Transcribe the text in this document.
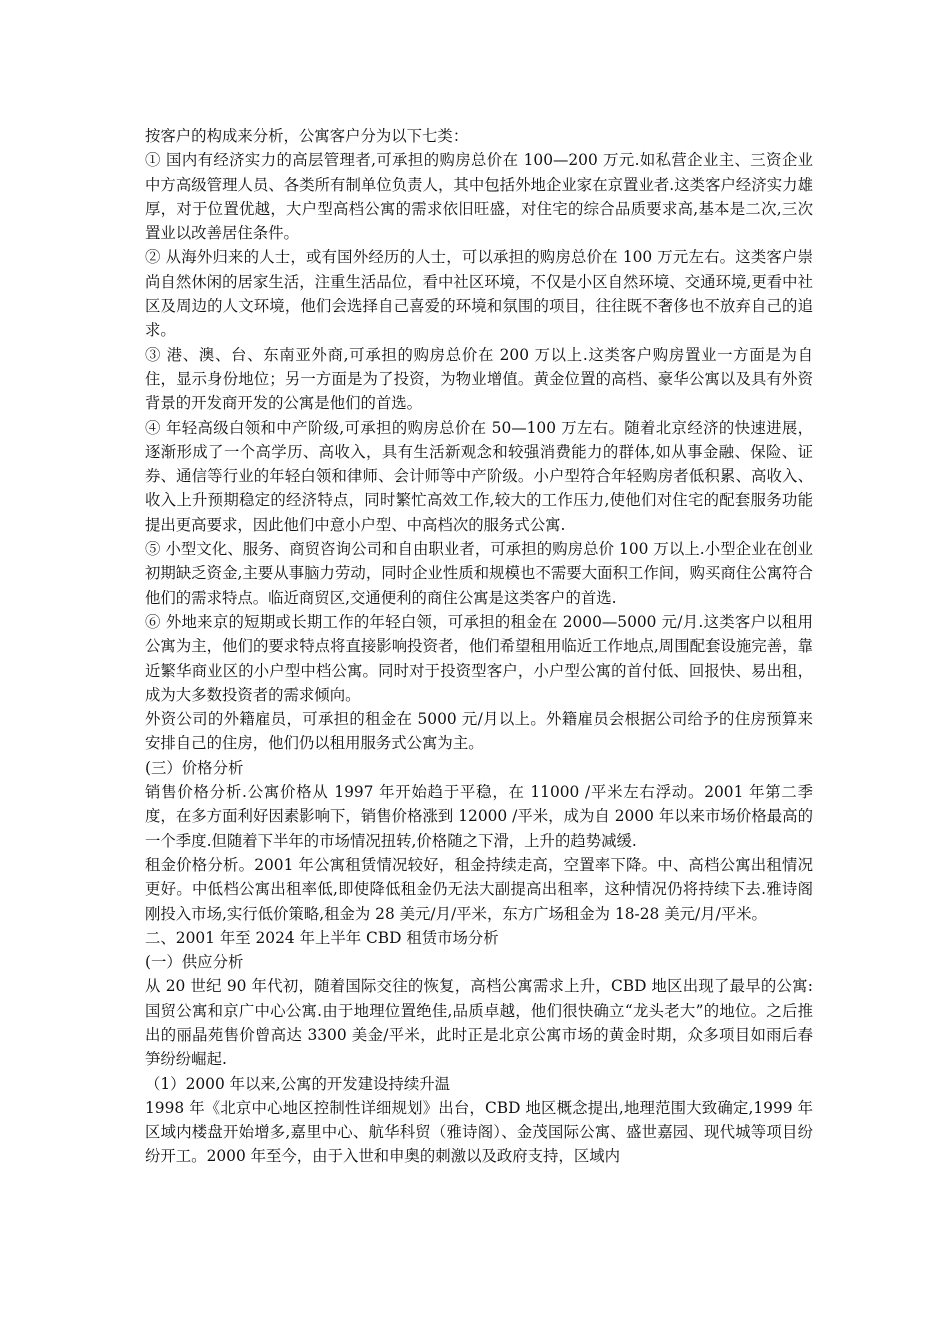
按客户的构成来分析，公寓客户分为以下七类：

① 国内有经济实力的高层管理者,可承担的购房总价在 100—200 万元.如私营企业主、三资企业中方高级管理人员、各类所有制单位负责人，其中包括外地企业家在京置业者.这类客户经济实力雄厚，对于位置优越，大户型高档公寓的需求依旧旺盛，对住宅的综合品质要求高,基本是二次,三次置业以改善居住条件。

② 从海外归来的人士，或有国外经历的人士，可以承担的购房总价在 100 万元左右。这类客户崇尚自然休闲的居家生活，注重生活品位，看中社区环境，不仅是小区自然环境、交通环境,更看中社区及周边的人文环境，他们会选择自己喜爱的环境和氛围的项目，往往既不奢侈也不放弃自己的追求。

③ 港、澳、台、东南亚外商,可承担的购房总价在 200 万以上.这类客户购房置业一方面是为自住，显示身份地位；另一方面是为了投资，为物业增值。黄金位置的高档、豪华公寓以及具有外资背景的开发商开发的公寓是他们的首选。

④ 年轻高级白领和中产阶级,可承担的购房总价在 50—100 万左右。随着北京经济的快速进展，逐渐形成了一个高学历、高收入，具有生活新观念和较强消费能力的群体,如从事金融、保险、证券、通信等行业的年轻白领和律师、会计师等中产阶级。小户型符合年轻购房者低积累、高收入、收入上升预期稳定的经济特点，同时繁忙高效工作,较大的工作压力,使他们对住宅的配套服务功能提出更高要求，因此他们中意小户型、中高档次的服务式公寓.

⑤ 小型文化、服务、商贸咨询公司和自由职业者，可承担的购房总价 100 万以上.小型企业在创业初期缺乏资金,主要从事脑力劳动，同时企业性质和规模也不需要大面积工作间，购买商住公寓符合他们的需求特点。临近商贸区,交通便利的商住公寓是这类客户的首选.

⑥ 外地来京的短期或长期工作的年轻白领，可承担的租金在 2000—5000 元/月.这类客户以租用公寓为主，他们的要求特点将直接影响投资者，他们希望租用临近工作地点,周围配套设施完善，靠近繁华商业区的小户型中档公寓。同时对于投资型客户，小户型公寓的首付低、回报快、易出租，成为大多数投资者的需求倾向。

外资公司的外籍雇员，可承担的租金在 5000 元/月以上。外籍雇员会根据公司给予的住房预算来安排自己的住房，他们仍以租用服务式公寓为主。

(三）价格分析

销售价格分析.公寓价格从 1997 年开始趋于平稳，在 11000 /平米左右浮动。2001 年第二季度，在多方面利好因素影响下，销售价格涨到 12000 /平米，成为自 2000 年以来市场价格最高的一个季度.但随着下半年的市场情况扭转,价格随之下滑，上升的趋势减缓.

租金价格分析。2001 年公寓租赁情况较好，租金持续走高，空置率下降。中、高档公寓出租情况更好。中低档公寓出租率低,即使降低租金仍无法大副提高出租率，这种情况仍将持续下去.雅诗阁刚投入市场,实行低价策略,租金为 28 美元/月/平米，东方广场租金为 18-28 美元/月/平米。

二、2001 年至 2024 年上半年 CBD 租赁市场分析

(一）供应分析

从 20 世纪 90 年代初，随着国际交往的恢复，高档公寓需求上升，CBD 地区出现了最早的公寓:国贸公寓和京广中心公寓.由于地理位置绝佳,品质卓越，他们很快确立“龙头老大”的地位。之后推出的丽晶苑售价曾高达 3300 美金/平米，此时正是北京公寓市场的黄金时期，众多项目如雨后春笋纷纷崛起.

（1）2000 年以来,公寓的开发建设持续升温

1998 年《北京中心地区控制性详细规划》出台，CBD 地区概念提出,地理范围大致确定,1999 年区域内楼盘开始增多,嘉里中心、航华科贸（雅诗阁）、金茂国际公寓、盛世嘉园、现代城等项目纷纷开工。2000 年至今，由于入世和申奥的刺激以及政府支持，区域内
